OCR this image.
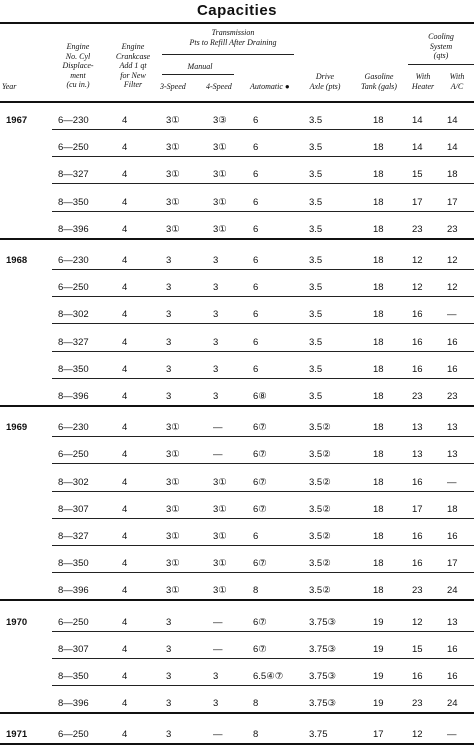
Capacities
Year
Engine
No. Cyl
Displace-
ment
(cu in.)
Engine
Crankcase
Add 1 qt
for New
Filter
Transmission
Pts to Refill After Draining
Manual
3-Speed	4-Speed	Automatic ●
Drive
Axle (pts)
Gasoline
Tank (gals)
Cooling
System
(qts)
With
Heater
With
A/C
1967	6—230	4	3①	3③	6	3.5	18	14	14
6—250	4	3①	3①	6	3.5	18	14	14
8—327	4	3①	3①	6	3.5	18	15	18
8—350	4	3①	3①	6	3.5	18	17	17
8—396	4	3①	3①	6	3.5	18	23	23
1968	6—230	4	3	3	6	3.5	18	12	12
6—250	4	3	3	6	3.5	18	12	12
8—302	4	3	3	6	3.5	18	16	—
8—327	4	3	3	6	3.5	18	16	16
8—350	4	3	3	6	3.5	18	16	16
8—396	4	3	3	6⑧	3.5	18	23	23
1969	6—230	4	3①	—	6⑦	3.5②	18	13	13
6—250	4	3①	—	6⑦	3.5②	18	13	13
8—302	4	3①	3①	6⑦	3.5②	18	16	—
8—307	4	3①	3①	6⑦	3.5②	18	17	18
8—327	4	3①	3①	6	3.5②	18	16	16
8—350	4	3①	3①	6⑦	3.5②	18	16	17
8—396	4	3①	3①	8	3.5②	18	23	24
1970	6—250	4	3	—	6⑦	3.75③	19	12	13
8—307	4	3	—	6⑦	3.75③	19	15	16
8—350	4	3	3	6.5④⑦	3.75③	19	16	16
8—396	4	3	3	8	3.75③	19	23	24
1971	6—250	4	3	—	8	3.75	17	12	—
